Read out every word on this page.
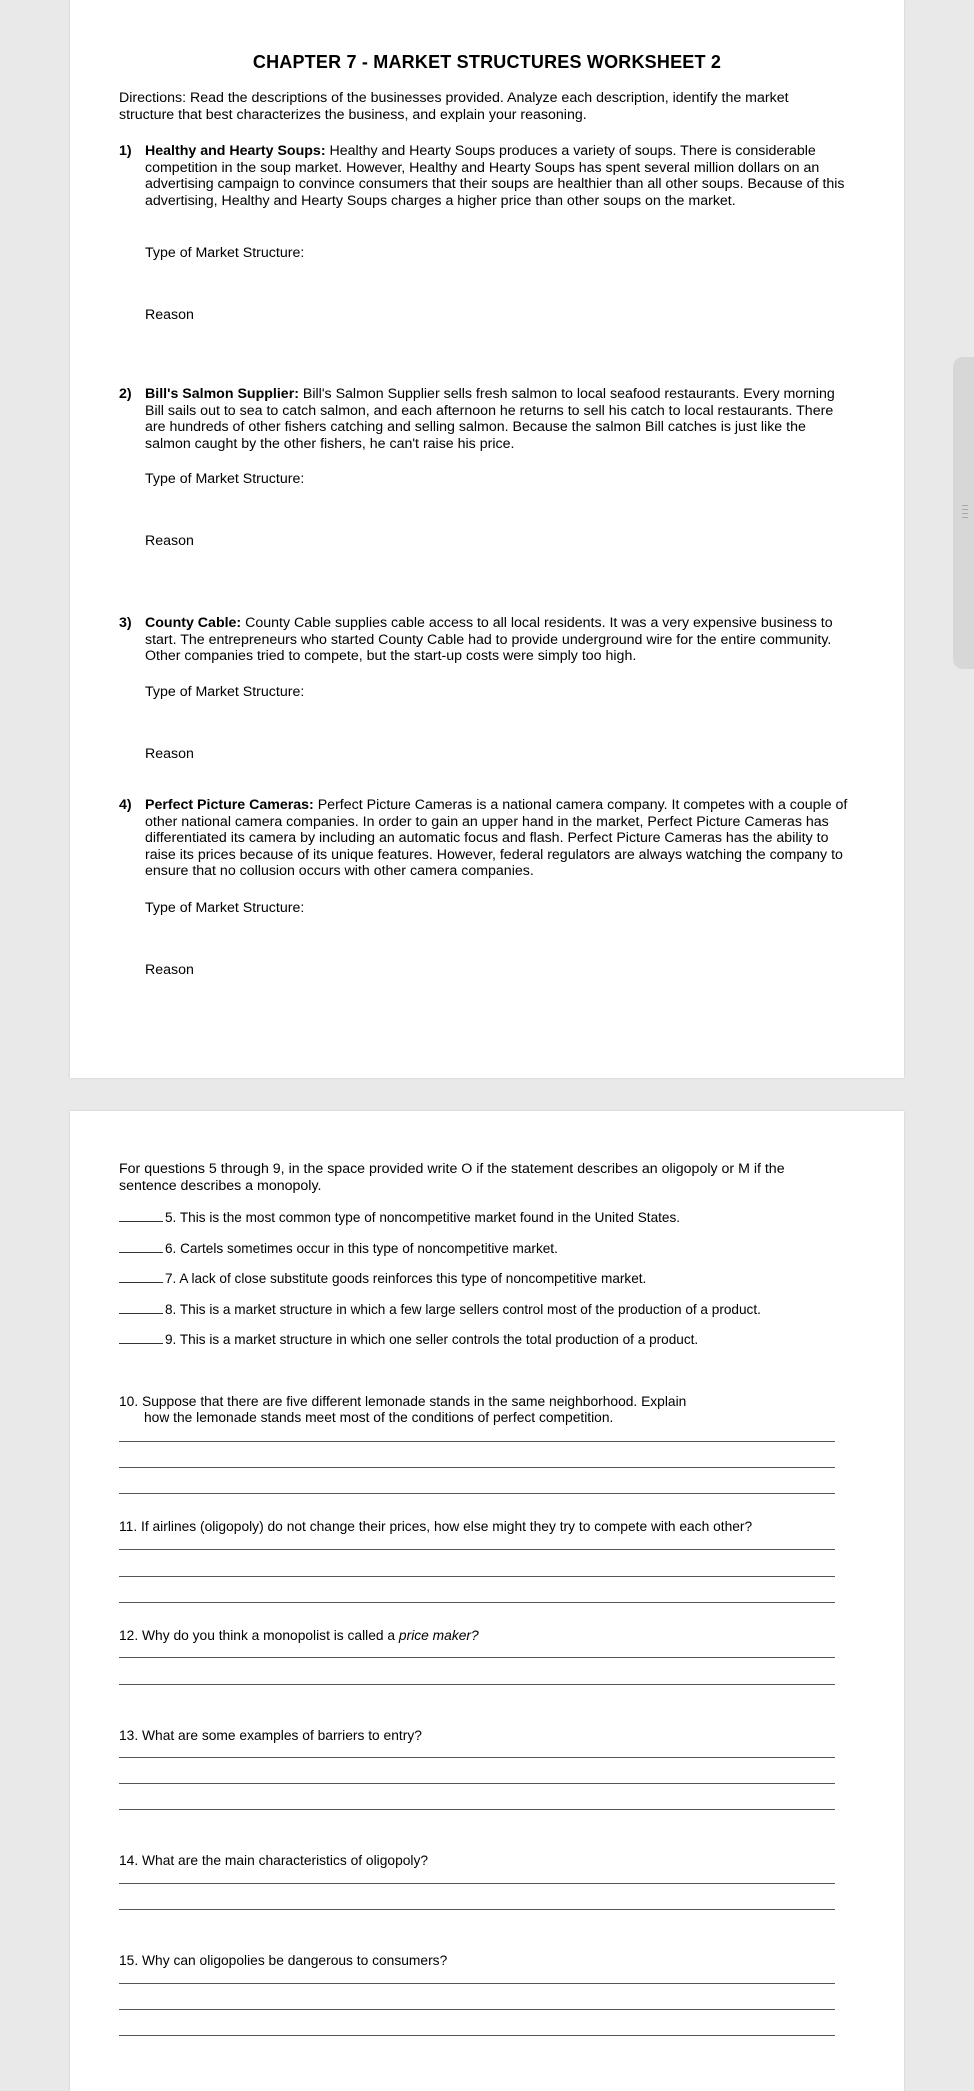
CHAPTER 7 - MARKET STRUCTURES WORKSHEET 2
Directions: Read the descriptions of the businesses provided. Analyze each description, identify the market structure that best characterizes the business, and explain your reasoning.
1) Healthy and Hearty Soups: Healthy and Hearty Soups produces a variety of soups. There is considerable competition in the soup market. However, Healthy and Hearty Soups has spent several million dollars on an advertising campaign to convince consumers that their soups are healthier than all other soups. Because of this advertising, Healthy and Hearty Soups charges a higher price than other soups on the market.
Type of Market Structure:
Reason
2) Bill's Salmon Supplier: Bill's Salmon Supplier sells fresh salmon to local seafood restaurants. Every morning Bill sails out to sea to catch salmon, and each afternoon he returns to sell his catch to local restaurants. There are hundreds of other fishers catching and selling salmon. Because the salmon Bill catches is just like the salmon caught by the other fishers, he can't raise his price.
Type of Market Structure:
Reason
3) County Cable: County Cable supplies cable access to all local residents. It was a very expensive business to start. The entrepreneurs who started County Cable had to provide underground wire for the entire community. Other companies tried to compete, but the start-up costs were simply too high.
Type of Market Structure:
Reason
4) Perfect Picture Cameras: Perfect Picture Cameras is a national camera company. It competes with a couple of other national camera companies. In order to gain an upper hand in the market, Perfect Picture Cameras has differentiated its camera by including an automatic focus and flash. Perfect Picture Cameras has the ability to raise its prices because of its unique features. However, federal regulators are always watching the company to ensure that no collusion occurs with other camera companies.
Type of Market Structure:
Reason
For questions 5 through 9, in the space provided write O if the statement describes an oligopoly or M if the sentence describes a monopoly.
5. This is the most common type of noncompetitive market found in the United States.
6. Cartels sometimes occur in this type of noncompetitive market.
7. A lack of close substitute goods reinforces this type of noncompetitive market.
8. This is a market structure in which a few large sellers control most of the production of a product.
9. This is a market structure in which one seller controls the total production of a product.
10. Suppose that there are five different lemonade stands in the same neighborhood. Explain
how the lemonade stands meet most of the conditions of perfect competition.
11. If airlines (oligopoly) do not change their prices, how else might they try to compete with each other?
12. Why do you think a monopolist is called a price maker?
13. What are some examples of barriers to entry?
14. What are the main characteristics of oligopoly?
15. Why can oligopolies be dangerous to consumers?
